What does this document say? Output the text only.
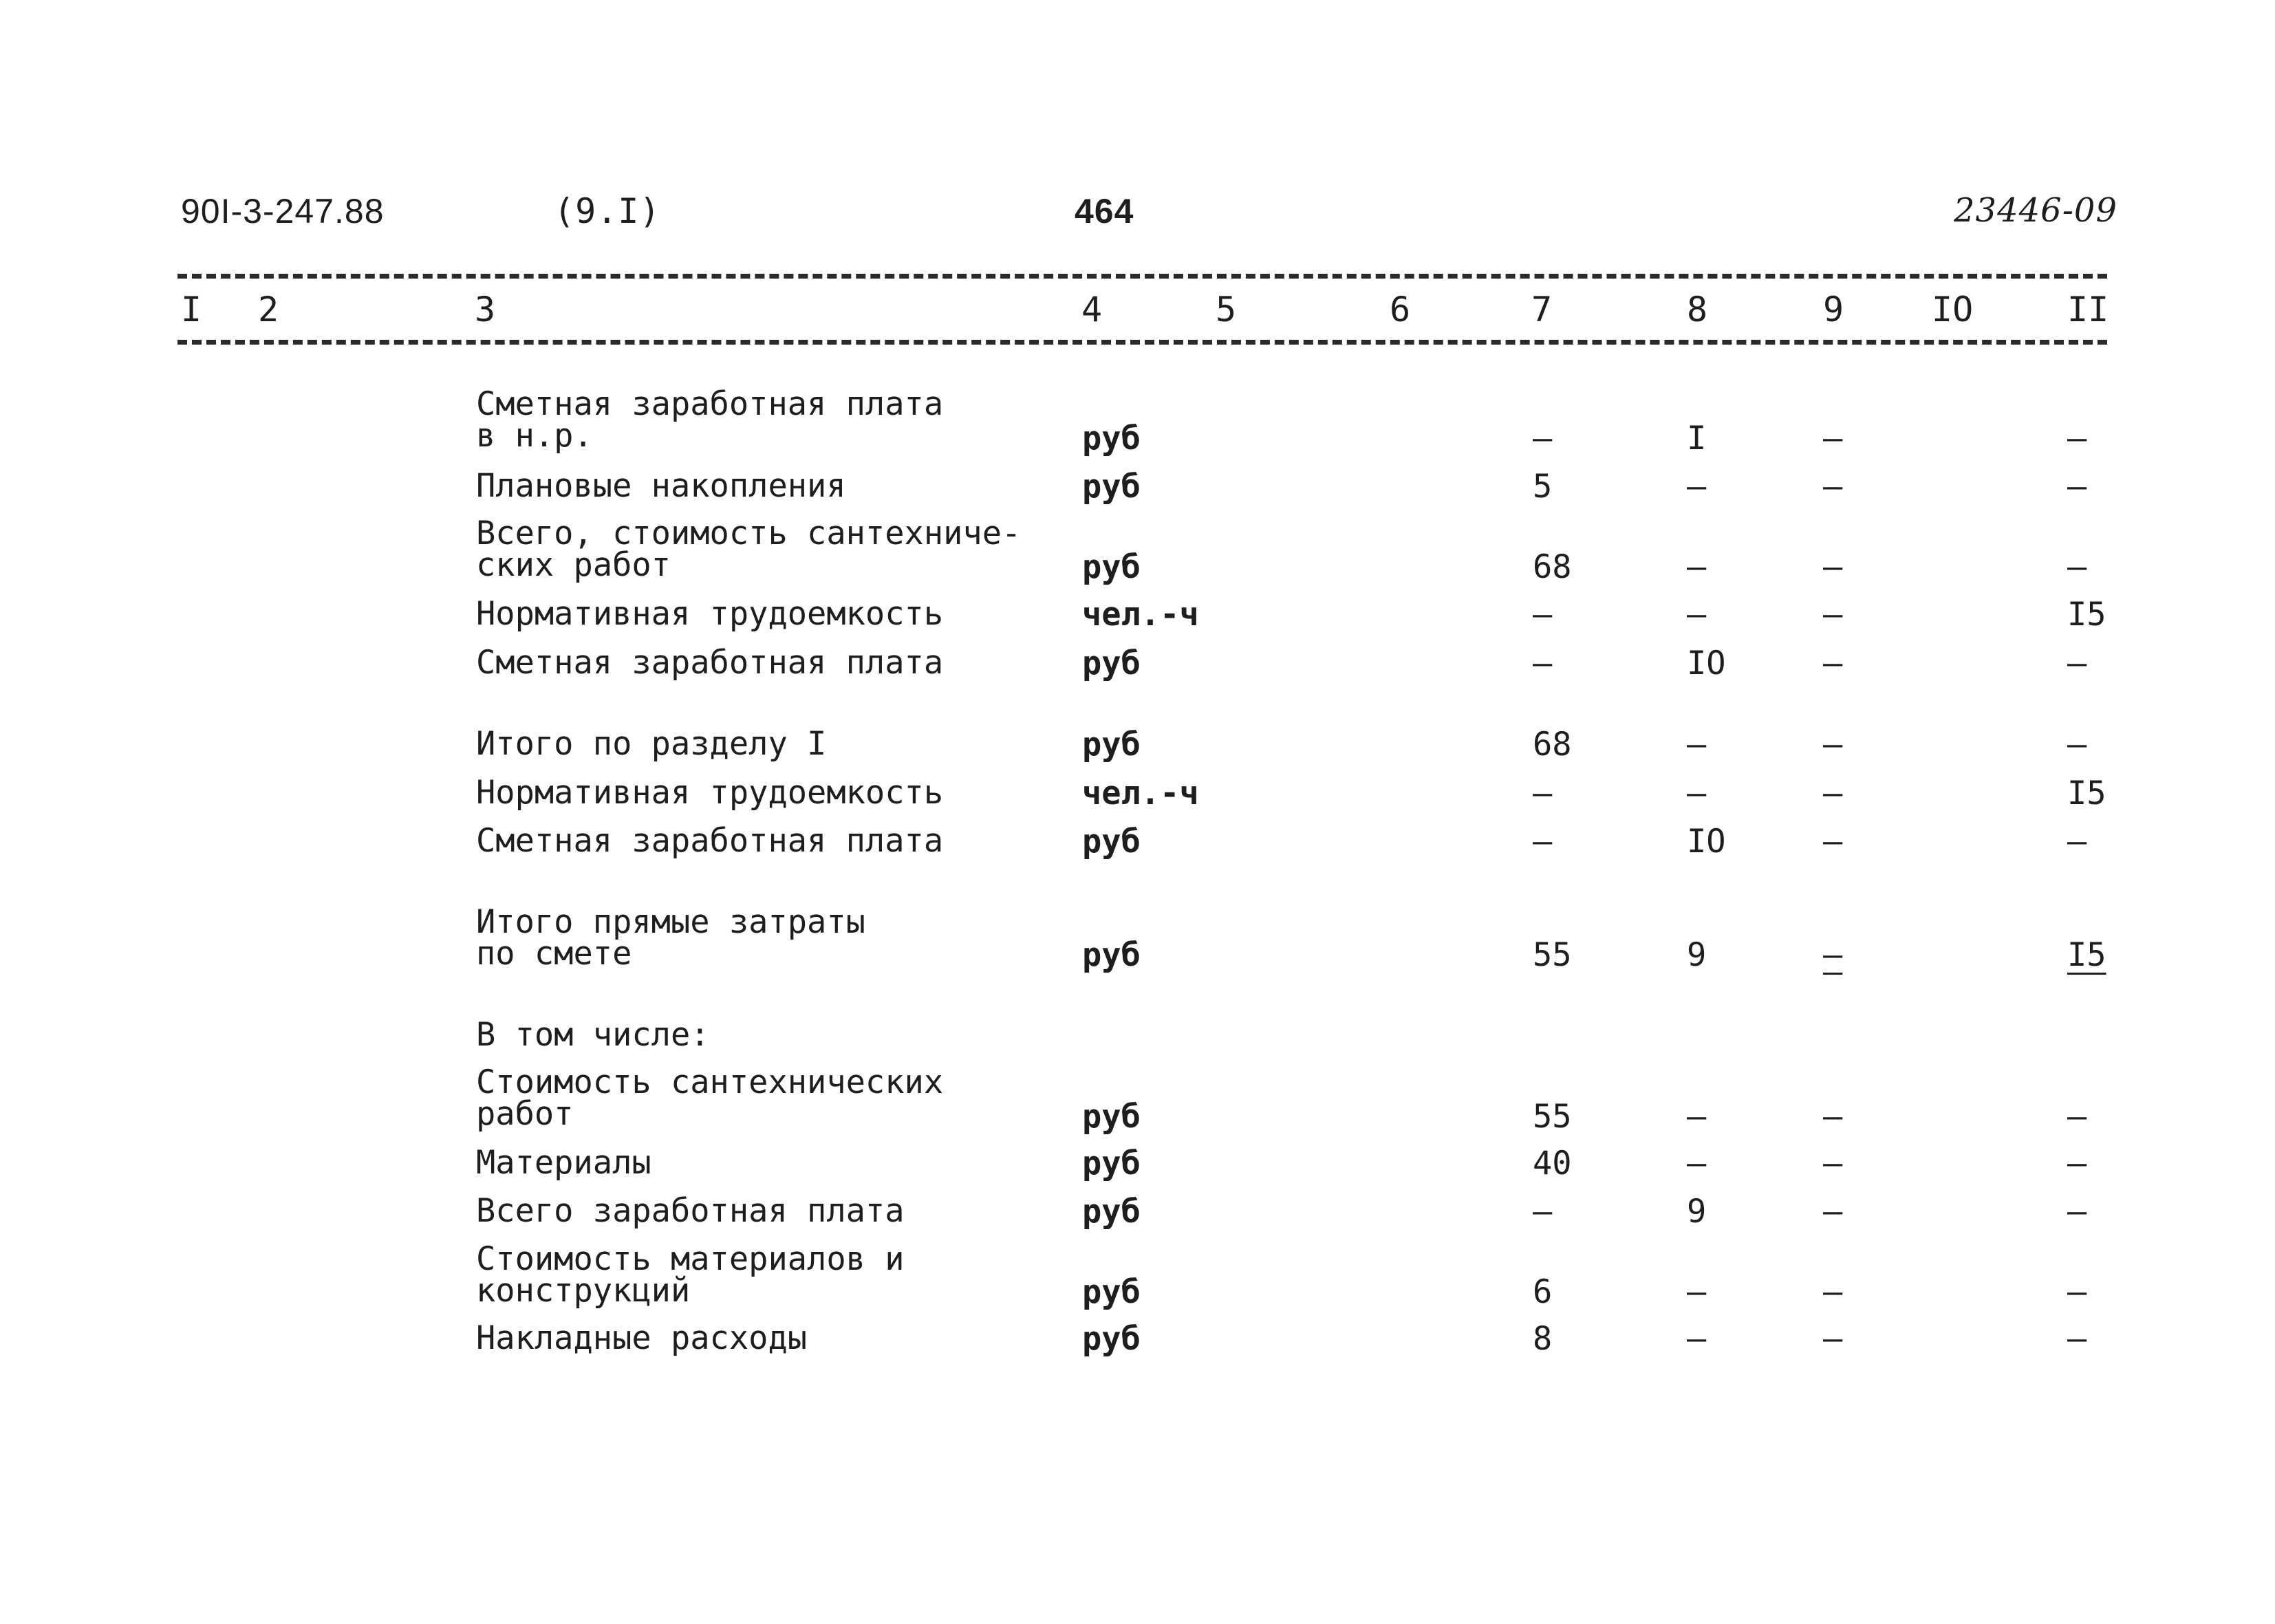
90I-3-247.88	(9.I)	464	23446-09
I 2	3	4	5	6	7	8	9	IO	II
Сметная заработная плата
в н.р.	руб	–	I	–	–
Плановые накопления	руб	5	–	–	–
Всего, стоимость сантехниче-
ских работ	руб	68	–	–	–
Нормативная трудоемкость	чел.-ч	–	–	–	I5
Сметная заработная плата	руб	–	IO	–	–
Итого по разделу I	руб	68	–	–	–
Нормативная трудоемкость	чел.-ч	–	–	–	I5
Сметная заработная плата	руб	–	IO	–	–
Итого прямые затраты
по смете	руб	55	9	–	I5
В том числе:
Стоимость сантехнических
работ	руб	55	–	–	–
Материалы	руб	40	–	–	–
Всего заработная плата	руб	–	9	–	–
Стоимость материалов и
конструкций	руб	6	–	–	–
Накладные расходы	руб	8	–	–	–
